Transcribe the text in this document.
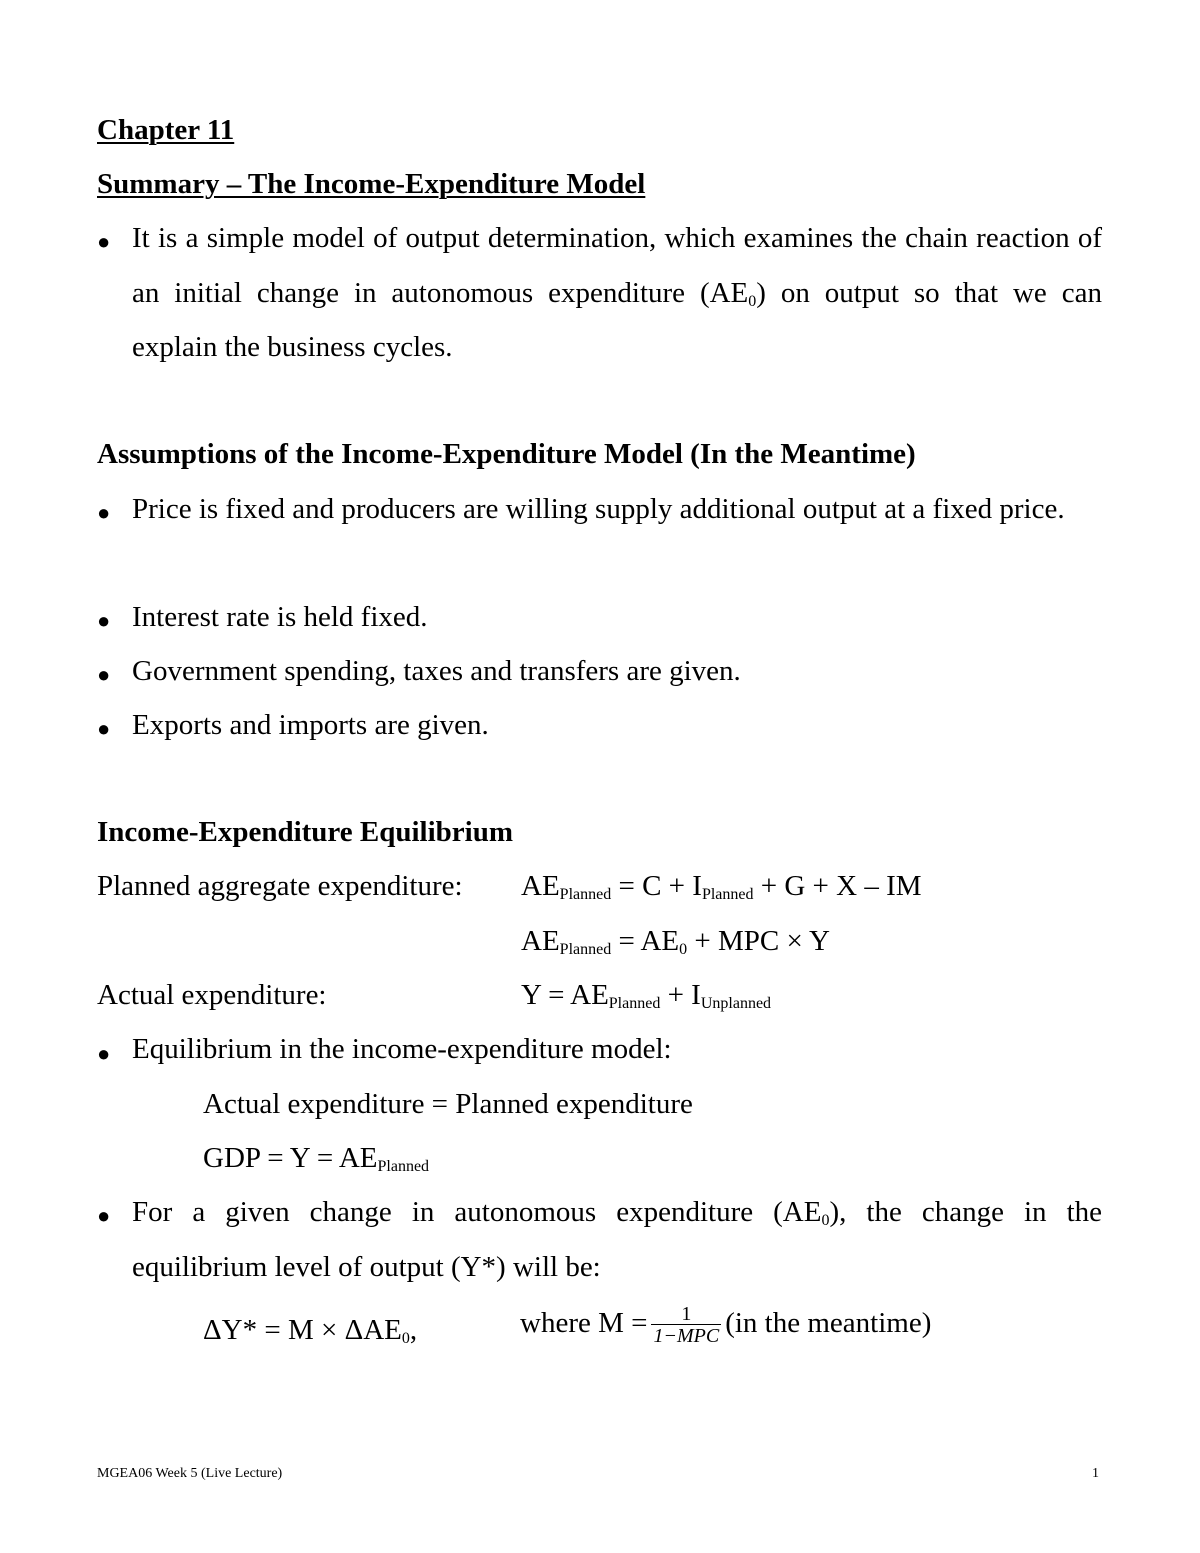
Chapter 11
Summary – The Income-Expenditure Model
● It is a simple model of output determination, which examines the chain reaction of an initial change in autonomous expenditure $(AE_0)$ on output so that we can explain the business cycles.
Assumptions of the Income-Expenditure Model (In the Meantime)
● Price is fixed and producers are willing supply additional output at a fixed price.
● Interest rate is held fixed.
● Government spending, taxes and transfers are given.
● Exports and imports are given.
Income-Expenditure Equilibrium
Planned aggregate expenditure: $AE_{Planned} = C + I_{Planned} + G + X$ – IM
$AE_{Planned} = AE_0$ + MPC × Y
Actual expenditure:	$Y = AE_{Planned} + I_{Unplanned}$
● Equilibrium in the income-expenditure model:
Actual expenditure = Planned expenditure
GDP = $Y = AE_{Planned}$
● For a given change in autonomous expenditure $(AE_0)$, the change in the equilibrium level of output (Y*) will be:
$\Delta Y* = M \times \Delta AE_0$,	where $M = \frac{1}{\text{1−MPC}} (in$ the meantime)
MGEA06 Week 5 (Live Lecture)	1
